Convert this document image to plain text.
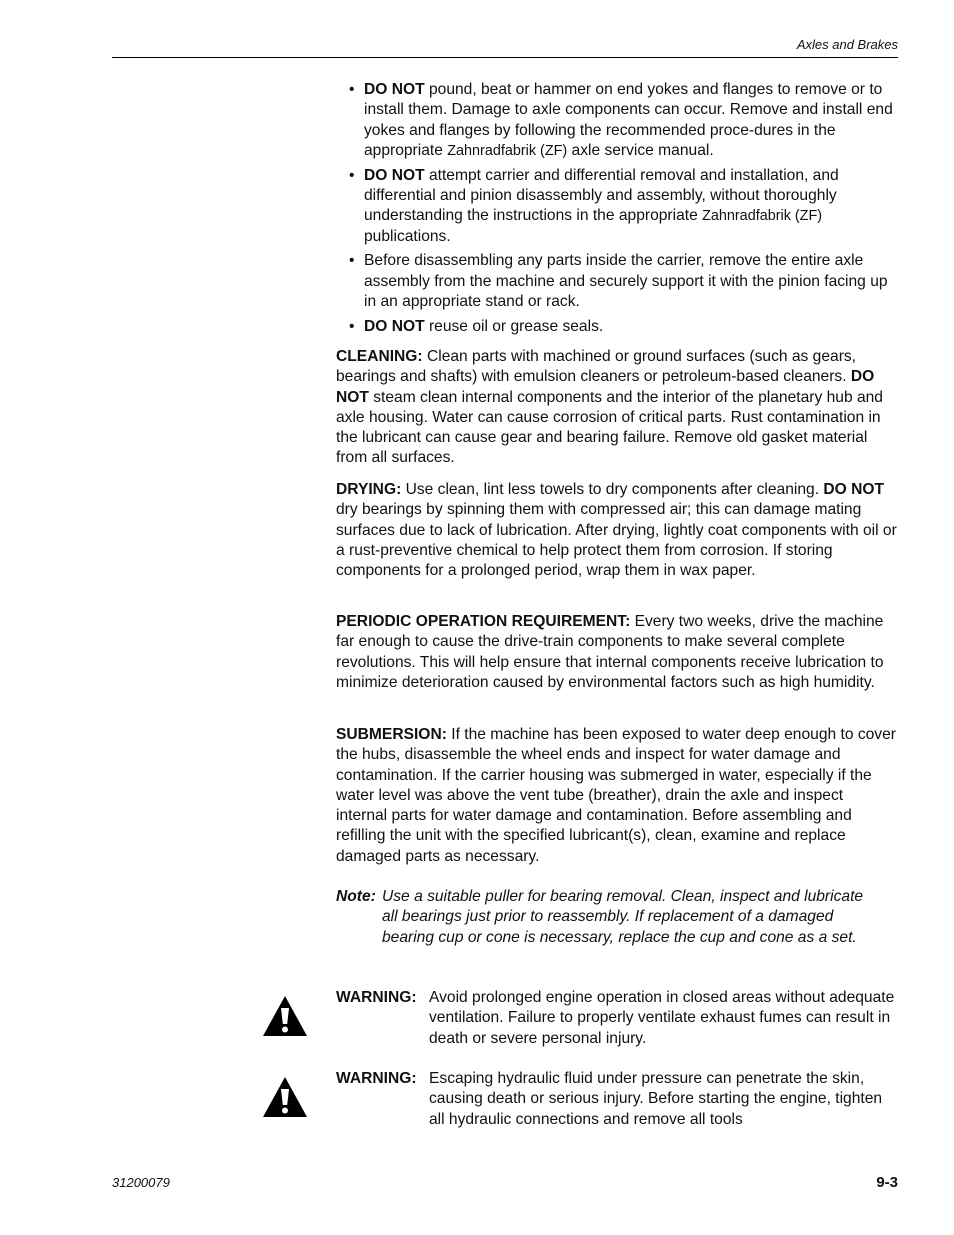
Axles and Brakes
• DO NOT pound, beat or hammer on end yokes and flanges to remove or to install them. Damage to axle components can occur. Remove and install end yokes and flanges by following the recommended proce-dures in the appropriate Zahnradfabrik (ZF) axle service manual.
• DO NOT attempt carrier and differential removal and installation, and differential and pinion disassembly and assembly, without thoroughly understanding the instructions in the appropriate Zahnradfabrik (ZF) publications.
• Before disassembling any parts inside the carrier, remove the entire axle assembly from the machine and securely support it with the pinion facing up in an appropriate stand or rack.
• DO NOT reuse oil or grease seals.

CLEANING: Clean parts with machined or ground surfaces (such as gears, bearings and shafts) with emulsion cleaners or petroleum-based cleaners. DO NOT steam clean internal components and the interior of the planetary hub and axle housing. Water can cause corrosion of critical parts. Rust contamination in the lubricant can cause gear and bearing failure. Remove old gasket material from all surfaces.

DRYING: Use clean, lint less towels to dry components after cleaning. DO NOT dry bearings by spinning them with compressed air; this can damage mating surfaces due to lack of lubrication. After drying, lightly coat components with oil or a rust-preventive chemical to help protect them from corrosion. If storing components for a prolonged period, wrap them in wax paper.

PERIODIC OPERATION REQUIREMENT: Every two weeks, drive the machine far enough to cause the drive-train components to make several complete revolutions. This will help ensure that internal components receive lubrication to minimize deterioration caused by environmental factors such as high humidity.

SUBMERSION: If the machine has been exposed to water deep enough to cover the hubs, disassemble the wheel ends and inspect for water damage and contamination. If the carrier housing was submerged in water, especially if the water level was above the vent tube (breather), drain the axle and inspect internal parts for water damage and contamination. Before assembling and refilling the unit with the specified lubricant(s), clean, examine and replace damaged parts as necessary.

Note: Use a suitable puller for bearing removal. Clean, inspect and lubricate all bearings just prior to reassembly. If replacement of a damaged bearing cup or cone is necessary, replace the cup and cone as a set.
WARNING: Avoid prolonged engine operation in closed areas without adequate ventilation. Failure to properly ventilate exhaust fumes can result in death or severe personal injury.
WARNING: Escaping hydraulic fluid under pressure can penetrate the skin, causing death or serious injury. Before starting the engine, tighten all hydraulic connections and remove all tools
31200079	9-3
